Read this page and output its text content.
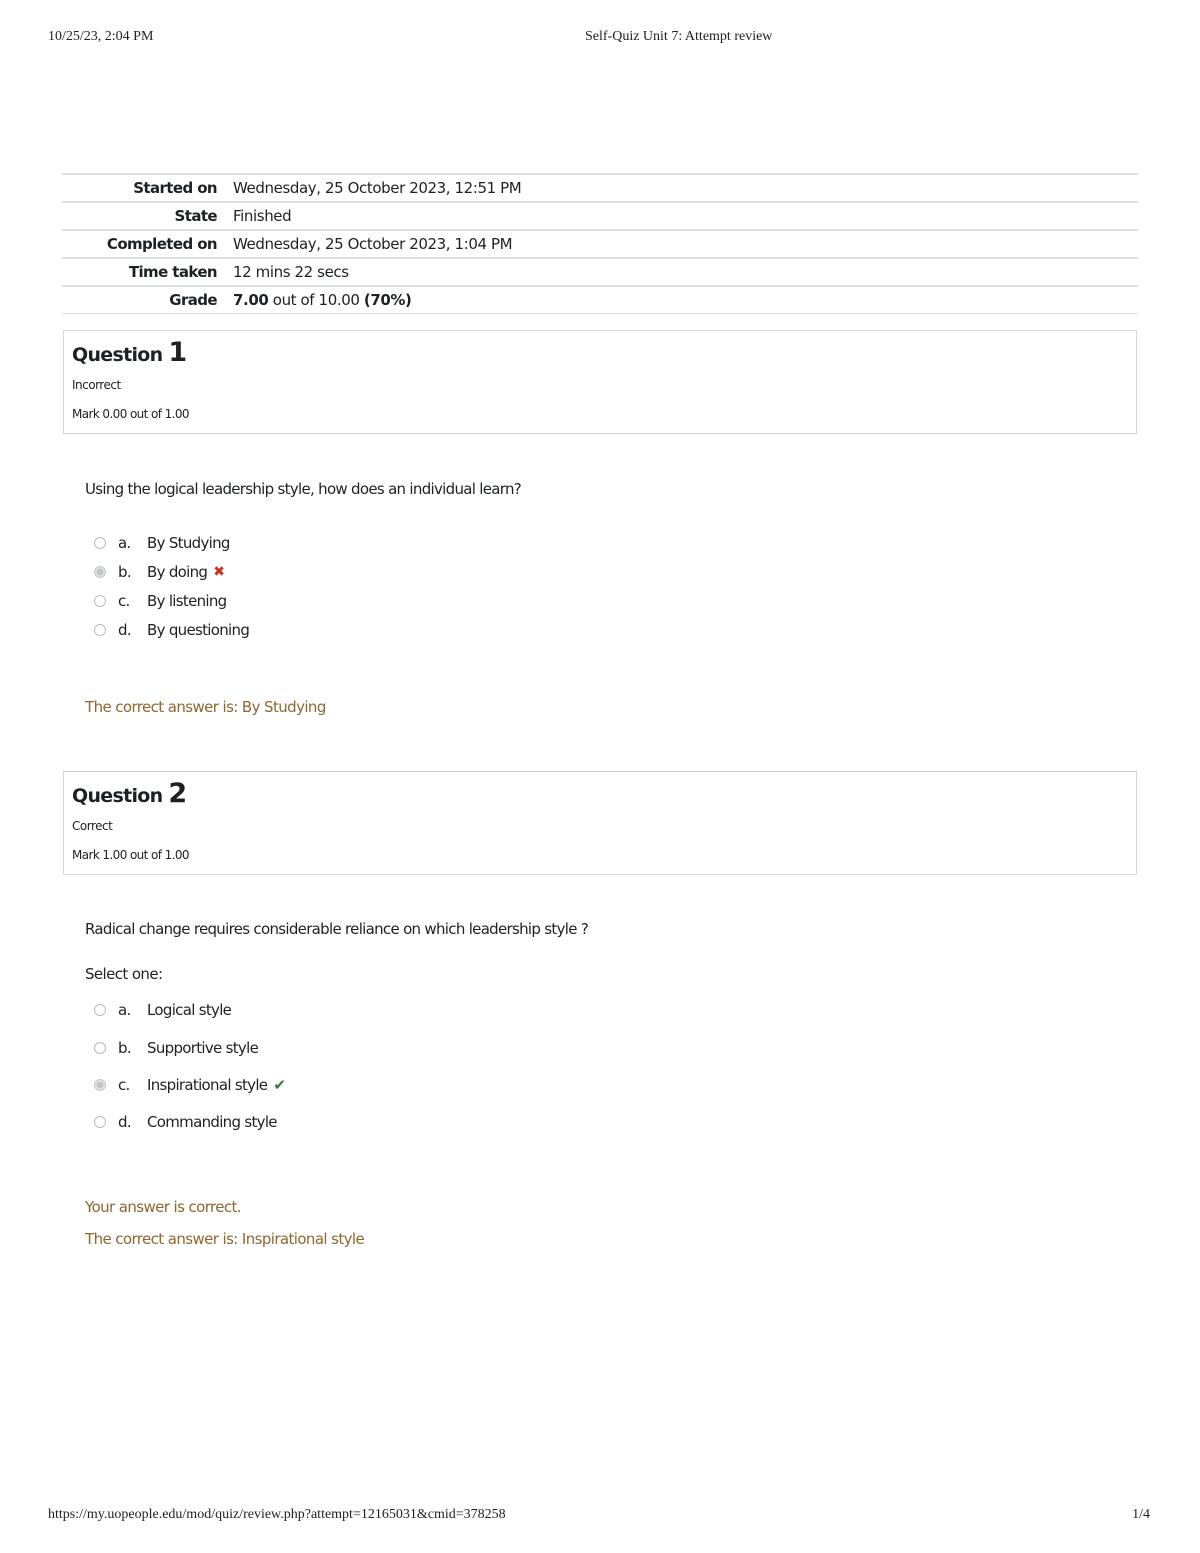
10/25/23, 2:04 PM	Self-Quiz Unit 7: Attempt review
Started on	Wednesday, 25 October 2023, 12:51 PM
State	Finished
Completed on	Wednesday, 25 October 2023, 1:04 PM
Time taken	12 mins 22 secs
Grade	7.00 out of 10.00 (70%)
Question 1
Incorrect
Mark 0.00 out of 1.00
Using the logical leadership style, how does an individual learn?
a.	By Studying
b.	By doing ✖
c.	By listening
d.	By questioning
The correct answer is: By Studying
Question 2
Correct
Mark 1.00 out of 1.00
Radical change requires considerable reliance on which leadership style ?
Select one:
a.	Logical style
b.	Supportive style
c.	Inspirational style ✔
d.	Commanding style
Your answer is correct.
The correct answer is: Inspirational style
https://my.uopeople.edu/mod/quiz/review.php?attempt=12165031&cmid=378258	1/4
